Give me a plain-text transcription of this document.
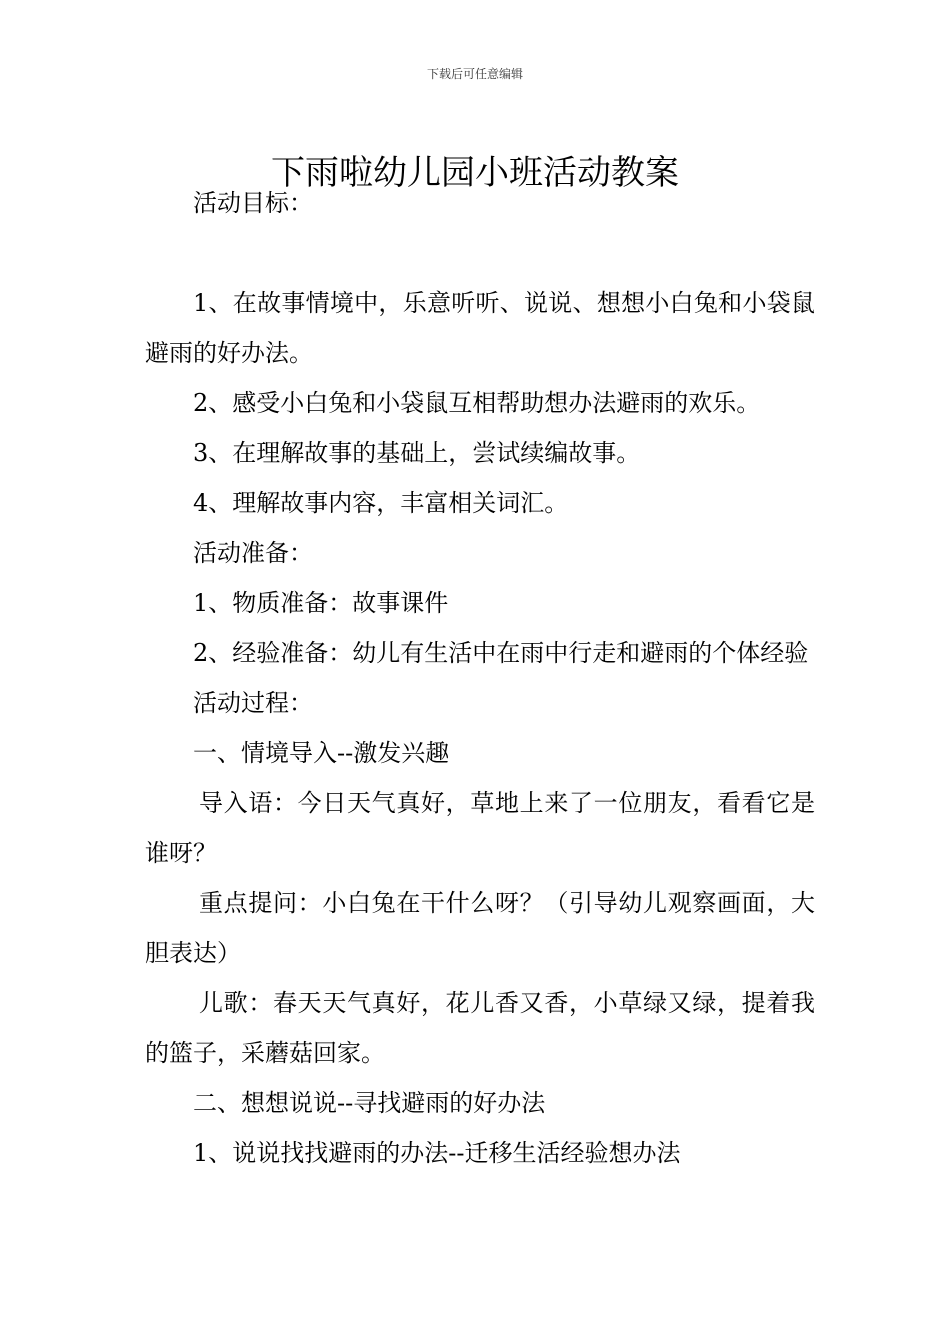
下载后可任意编辑
下雨啦幼儿园小班活动教案

活动目标：

1、在故事情境中，乐意听听、说说、想想小白兔和小袋鼠避雨的好办法。

2、感受小白兔和小袋鼠互相帮助想办法避雨的欢乐。

3、在理解故事的基础上，尝试续编故事。

4、理解故事内容，丰富相关词汇。

活动准备：

1、物质准备：故事课件

2、经验准备：幼儿有生活中在雨中行走和避雨的个体经验

活动过程：

一、情境导入--激发兴趣

导入语：今日天气真好，草地上来了一位朋友，看看它是谁呀？

重点提问：小白兔在干什么呀？（引导幼儿观察画面，大胆表达）

儿歌：春天天气真好，花儿香又香，小草绿又绿，提着我的篮子，采蘑菇回家。

二、想想说说--寻找避雨的好办法

1、说说找找避雨的办法--迁移生活经验想办法
